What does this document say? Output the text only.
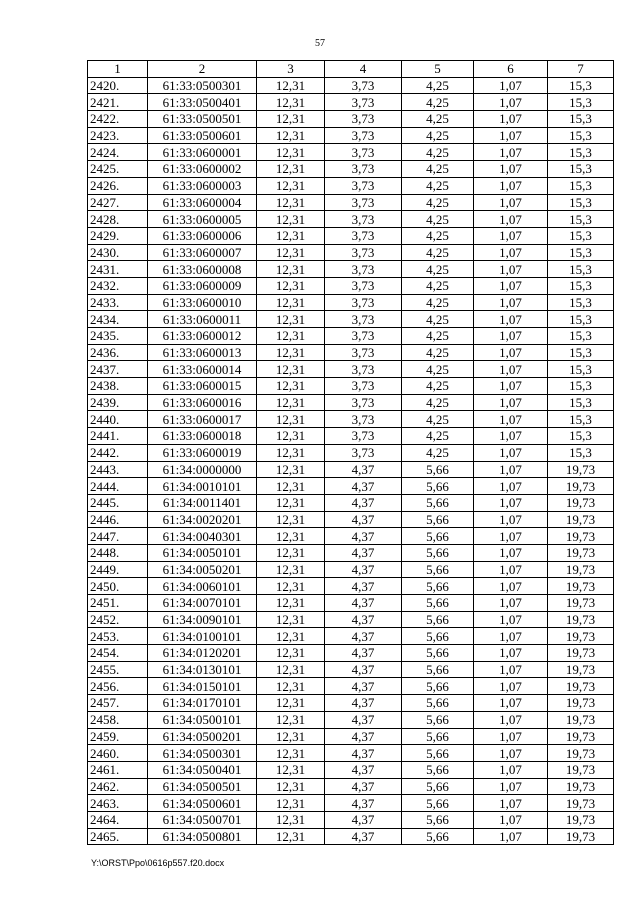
57
1	2	3	4	5	6	7
2420.	61:33:0500301	12,31	3,73	4,25	1,07	15,3
2421.	61:33:0500401	12,31	3,73	4,25	1,07	15,3
2422.	61:33:0500501	12,31	3,73	4,25	1,07	15,3
2423.	61:33:0500601	12,31	3,73	4,25	1,07	15,3
2424.	61:33:0600001	12,31	3,73	4,25	1,07	15,3
2425.	61:33:0600002	12,31	3,73	4,25	1,07	15,3
2426.	61:33:0600003	12,31	3,73	4,25	1,07	15,3
2427.	61:33:0600004	12,31	3,73	4,25	1,07	15,3
2428.	61:33:0600005	12,31	3,73	4,25	1,07	15,3
2429.	61:33:0600006	12,31	3,73	4,25	1,07	15,3
2430.	61:33:0600007	12,31	3,73	4,25	1,07	15,3
2431.	61:33:0600008	12,31	3,73	4,25	1,07	15,3
2432.	61:33:0600009	12,31	3,73	4,25	1,07	15,3
2433.	61:33:0600010	12,31	3,73	4,25	1,07	15,3
2434.	61:33:0600011	12,31	3,73	4,25	1,07	15,3
2435.	61:33:0600012	12,31	3,73	4,25	1,07	15,3
2436.	61:33:0600013	12,31	3,73	4,25	1,07	15,3
2437.	61:33:0600014	12,31	3,73	4,25	1,07	15,3
2438.	61:33:0600015	12,31	3,73	4,25	1,07	15,3
2439.	61:33:0600016	12,31	3,73	4,25	1,07	15,3
2440.	61:33:0600017	12,31	3,73	4,25	1,07	15,3
2441.	61:33:0600018	12,31	3,73	4,25	1,07	15,3
2442.	61:33:0600019	12,31	3,73	4,25	1,07	15,3
2443.	61:34:0000000	12,31	4,37	5,66	1,07	19,73
2444.	61:34:0010101	12,31	4,37	5,66	1,07	19,73
2445.	61:34:0011401	12,31	4,37	5,66	1,07	19,73
2446.	61:34:0020201	12,31	4,37	5,66	1,07	19,73
2447.	61:34:0040301	12,31	4,37	5,66	1,07	19,73
2448.	61:34:0050101	12,31	4,37	5,66	1,07	19,73
2449.	61:34:0050201	12,31	4,37	5,66	1,07	19,73
2450.	61:34:0060101	12,31	4,37	5,66	1,07	19,73
2451.	61:34:0070101	12,31	4,37	5,66	1,07	19,73
2452.	61:34:0090101	12,31	4,37	5,66	1,07	19,73
2453.	61:34:0100101	12,31	4,37	5,66	1,07	19,73
2454.	61:34:0120201	12,31	4,37	5,66	1,07	19,73
2455.	61:34:0130101	12,31	4,37	5,66	1,07	19,73
2456.	61:34:0150101	12,31	4,37	5,66	1,07	19,73
2457.	61:34:0170101	12,31	4,37	5,66	1,07	19,73
2458.	61:34:0500101	12,31	4,37	5,66	1,07	19,73
2459.	61:34:0500201	12,31	4,37	5,66	1,07	19,73
2460.	61:34:0500301	12,31	4,37	5,66	1,07	19,73
2461.	61:34:0500401	12,31	4,37	5,66	1,07	19,73
2462.	61:34:0500501	12,31	4,37	5,66	1,07	19,73
2463.	61:34:0500601	12,31	4,37	5,66	1,07	19,73
2464.	61:34:0500701	12,31	4,37	5,66	1,07	19,73
2465.	61:34:0500801	12,31	4,37	5,66	1,07	19,73
Y:\ORST\Ppo\0616p557.f20.docx
